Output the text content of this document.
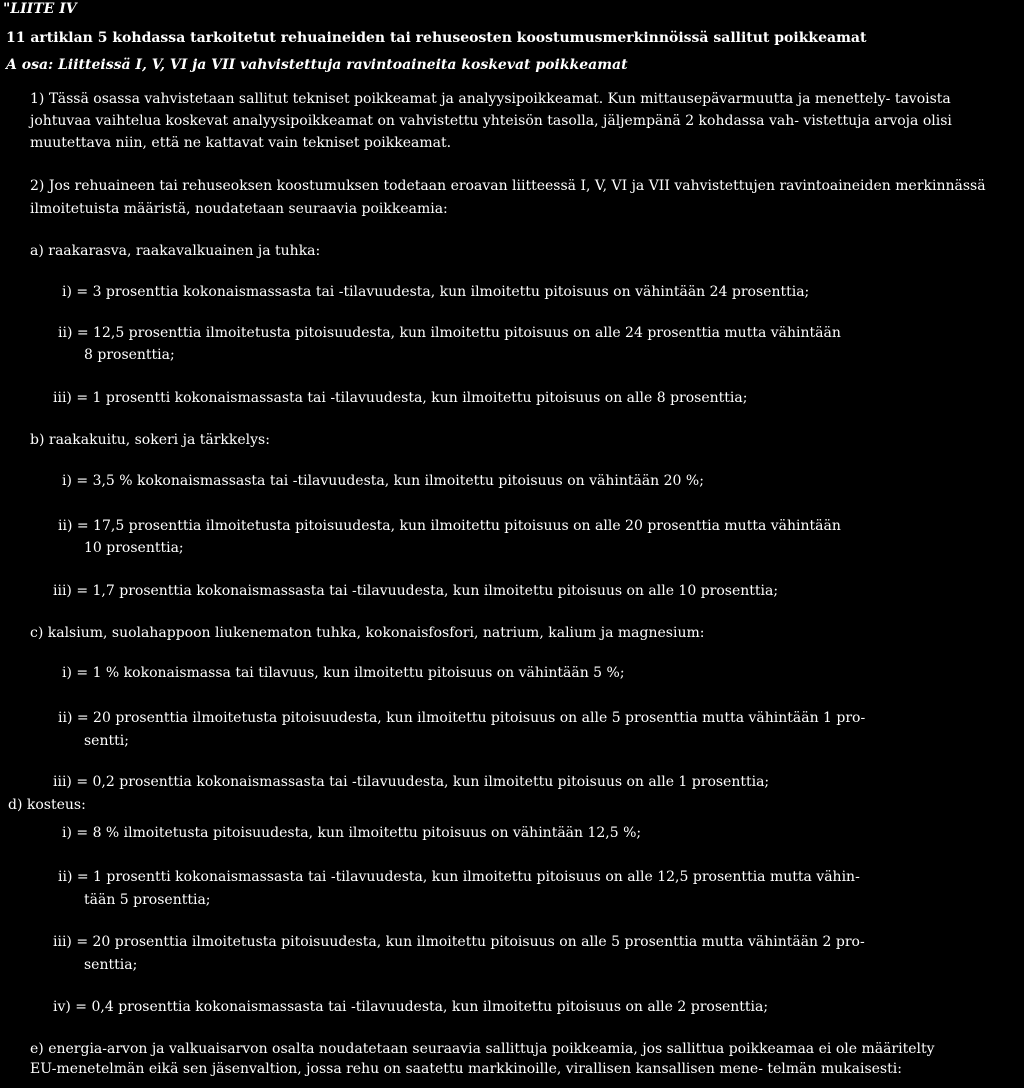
"LIITE IV
11 artiklan 5 kohdassa tarkoitetut rehuaineiden tai rehuseosten koostumusmerkinnöissä sallitut poikkeamat
A osa: Liitteissä I, V, VI ja VII vahvistettuja ravintoaineita koskevat poikkeamat
1) Tässä osassa vahvistetaan sallitut tekniset poikkeamat ja analyysipoikkeamat. Kun mittausepävarmuutta ja menettely- tavoista
johtuvaa vaihtelua koskevat analyysipoikkeamat on vahvistettu yhteisön tasolla, jäljempänä 2 kohdassa vah- vistettuja arvoja olisi
muutettava niin, että ne kattavat vain tekniset poikkeamat.
2) Jos rehuaineen tai rehuseoksen koostumuksen todetaan eroavan liitteessä I, V, VI ja VII vahvistettujen ravintoaineiden merkinnässä
ilmoitetuista määristä, noudatetaan seuraavia poikkeamia:
a) raakarasva, raakavalkuainen ja tuhka:
i) = 3 prosenttia kokonaismassasta tai -tilavuudesta, kun ilmoitettu pitoisuus on vähintään 24 prosenttia;
ii) = 12,5 prosenttia ilmoitetusta pitoisuudesta, kun ilmoitettu pitoisuus on alle 24 prosenttia mutta vähintään
8 prosenttia;
iii) = 1 prosentti kokonaismassasta tai -tilavuudesta, kun ilmoitettu pitoisuus on alle 8 prosenttia;
b) raakakuitu, sokeri ja tärkkelys:
i) = 3,5 % kokonaismassasta tai -tilavuudesta, kun ilmoitettu pitoisuus on vähintään 20 %;
ii) = 17,5 prosenttia ilmoitetusta pitoisuudesta, kun ilmoitettu pitoisuus on alle 20 prosenttia mutta vähintään
10 prosenttia;
iii) = 1,7 prosenttia kokonaismassasta tai -tilavuudesta, kun ilmoitettu pitoisuus on alle 10 prosenttia;
c) kalsium, suolahappoon liukenematon tuhka, kokonaisfosfori, natrium, kalium ja magnesium:
i) = 1 % kokonaismassa tai tilavuus, kun ilmoitettu pitoisuus on vähintään 5 %;
ii) = 20 prosenttia ilmoitetusta pitoisuudesta, kun ilmoitettu pitoisuus on alle 5 prosenttia mutta vähintään 1 pro-
sentti;
iii) = 0,2 prosenttia kokonaismassasta tai -tilavuudesta, kun ilmoitettu pitoisuus on alle 1 prosenttia;
d) kosteus:
i) = 8 % ilmoitetusta pitoisuudesta, kun ilmoitettu pitoisuus on vähintään 12,5 %;
ii) = 1 prosentti kokonaismassasta tai -tilavuudesta, kun ilmoitettu pitoisuus on alle 12,5 prosenttia mutta vähin-
tään 5 prosenttia;
iii) = 20 prosenttia ilmoitetusta pitoisuudesta, kun ilmoitettu pitoisuus on alle 5 prosenttia mutta vähintään 2 pro-
senttia;
iv) = 0,4 prosenttia kokonaismassasta tai -tilavuudesta, kun ilmoitettu pitoisuus on alle 2 prosenttia;
e) energia-arvon ja valkuaisarvon osalta noudatetaan seuraavia sallittuja poikkeamia, jos sallittua poikkeamaa ei ole määritelty
EU-menetelmän eikä sen jäsenvaltion, jossa rehu on saatettu markkinoille, virallisen kansallisen mene- telmän mukaisesti:
